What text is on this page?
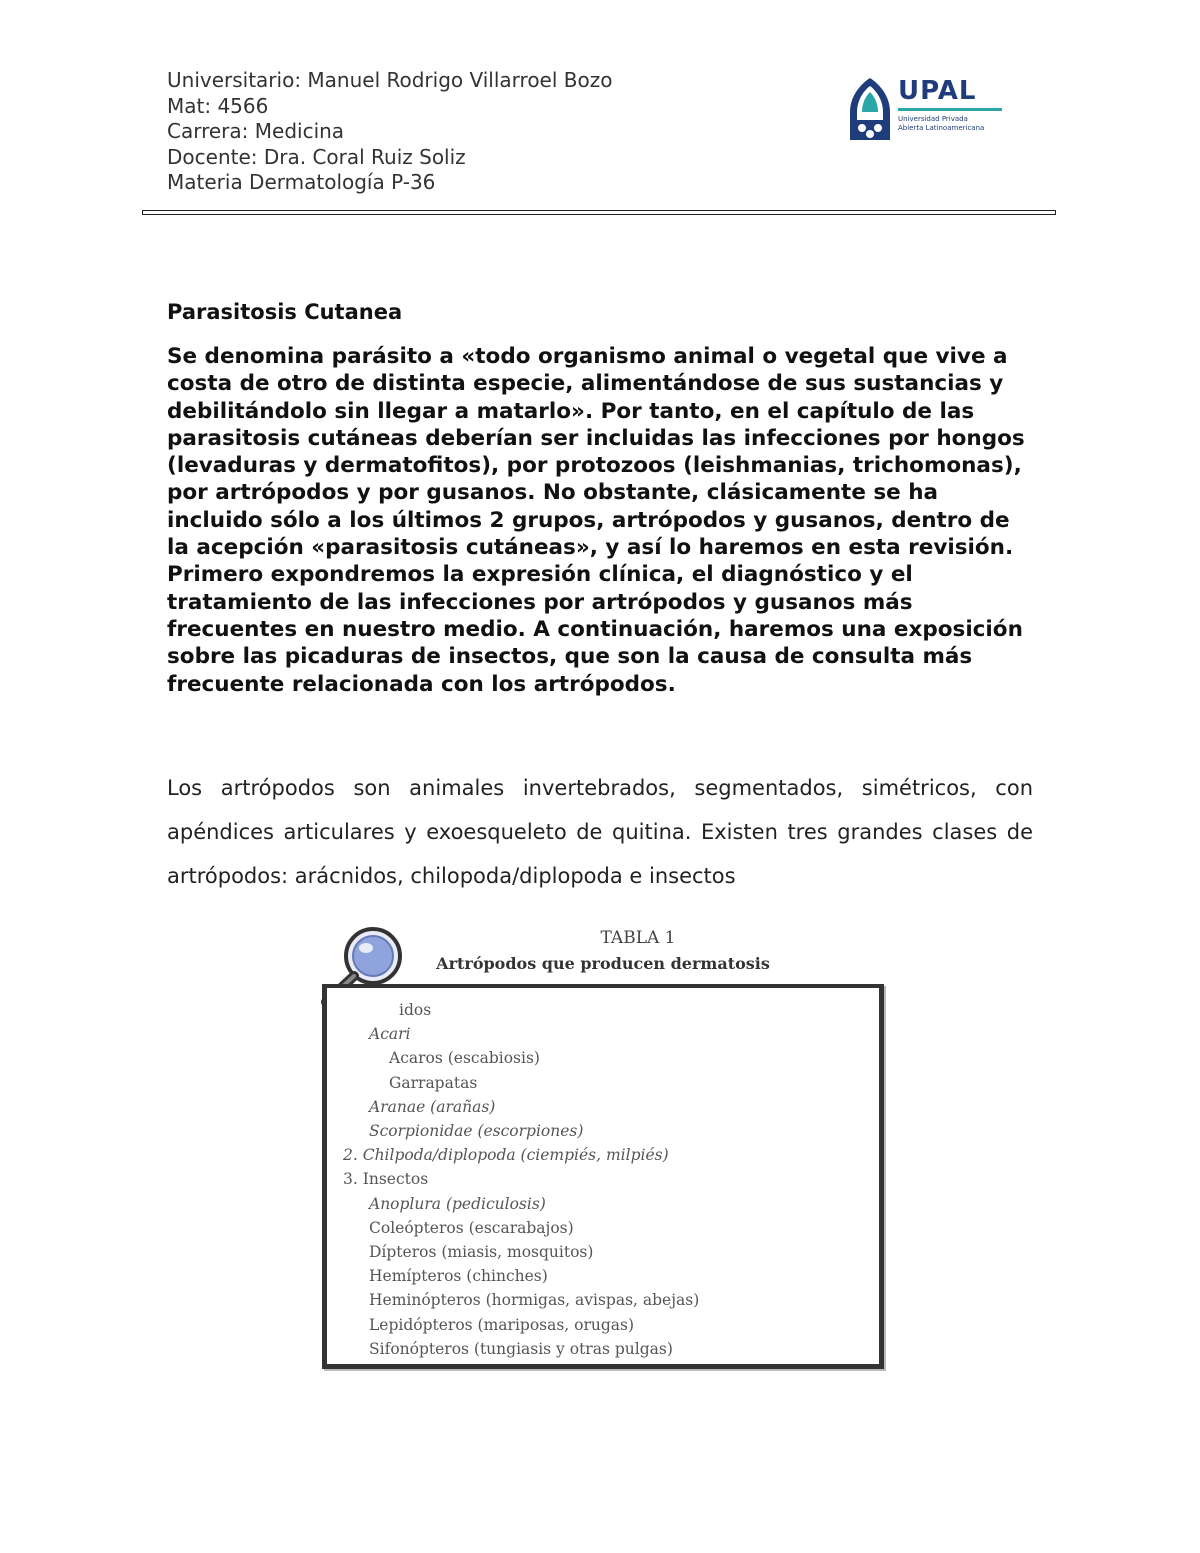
Universitario: Manuel Rodrigo Villarroel Bozo
Mat: 4566
Carrera: Medicina
Docente: Dra. Coral Ruiz Soliz
Materia Dermatología P-36
UPAL
Universidad Privada
Abierta Latinoamericana
Parasitosis Cutanea
Se denomina parásito a «todo organismo animal o vegetal que vive a costa de otro de distinta especie, alimentándose de sus sustancias y debilitándolo sin llegar a matarlo». Por tanto, en el capítulo de las parasitosis cutáneas deberían ser incluidas las infecciones por hongos (levaduras y dermatofitos), por protozoos (leishmanias, trichomonas), por artrópodos y por gusanos. No obstante, clásicamente se ha incluido sólo a los últimos 2 grupos, artrópodos y gusanos, dentro de la acepción «parasitosis cutáneas», y así lo haremos en esta revisión. Primero expondremos la expresión clínica, el diagnóstico y el tratamiento de las infecciones por artrópodos y gusanos más frecuentes en nuestro medio. A continuación, haremos una exposición sobre las picaduras de insectos, que son la causa de consulta más frecuente relacionada con los artrópodos.
Los artrópodos son animales invertebrados, segmentados, simétricos, con apéndices articulares y exoesqueleto de quitina. Existen tres grandes clases de artrópodos: arácnidos, chilopoda/diplopoda e insectos
TABLA 1
Artrópodos que producen dermatosis
idos
Acari
Acaros (escabiosis)
Garrapatas
Aranae (arañas)
Scorpionidae (escorpiones)
2. Chilpoda/diplopoda (ciempiés, milpiés)
3. Insectos
Anoplura (pediculosis)
Coleópteros (escarabajos)
Dípteros (miasis, mosquitos)
Hemípteros (chinches)
Heminópteros (hormigas, avispas, abejas)
Lepidópteros (mariposas, orugas)
Sifonópteros (tungiasis y otras pulgas)
